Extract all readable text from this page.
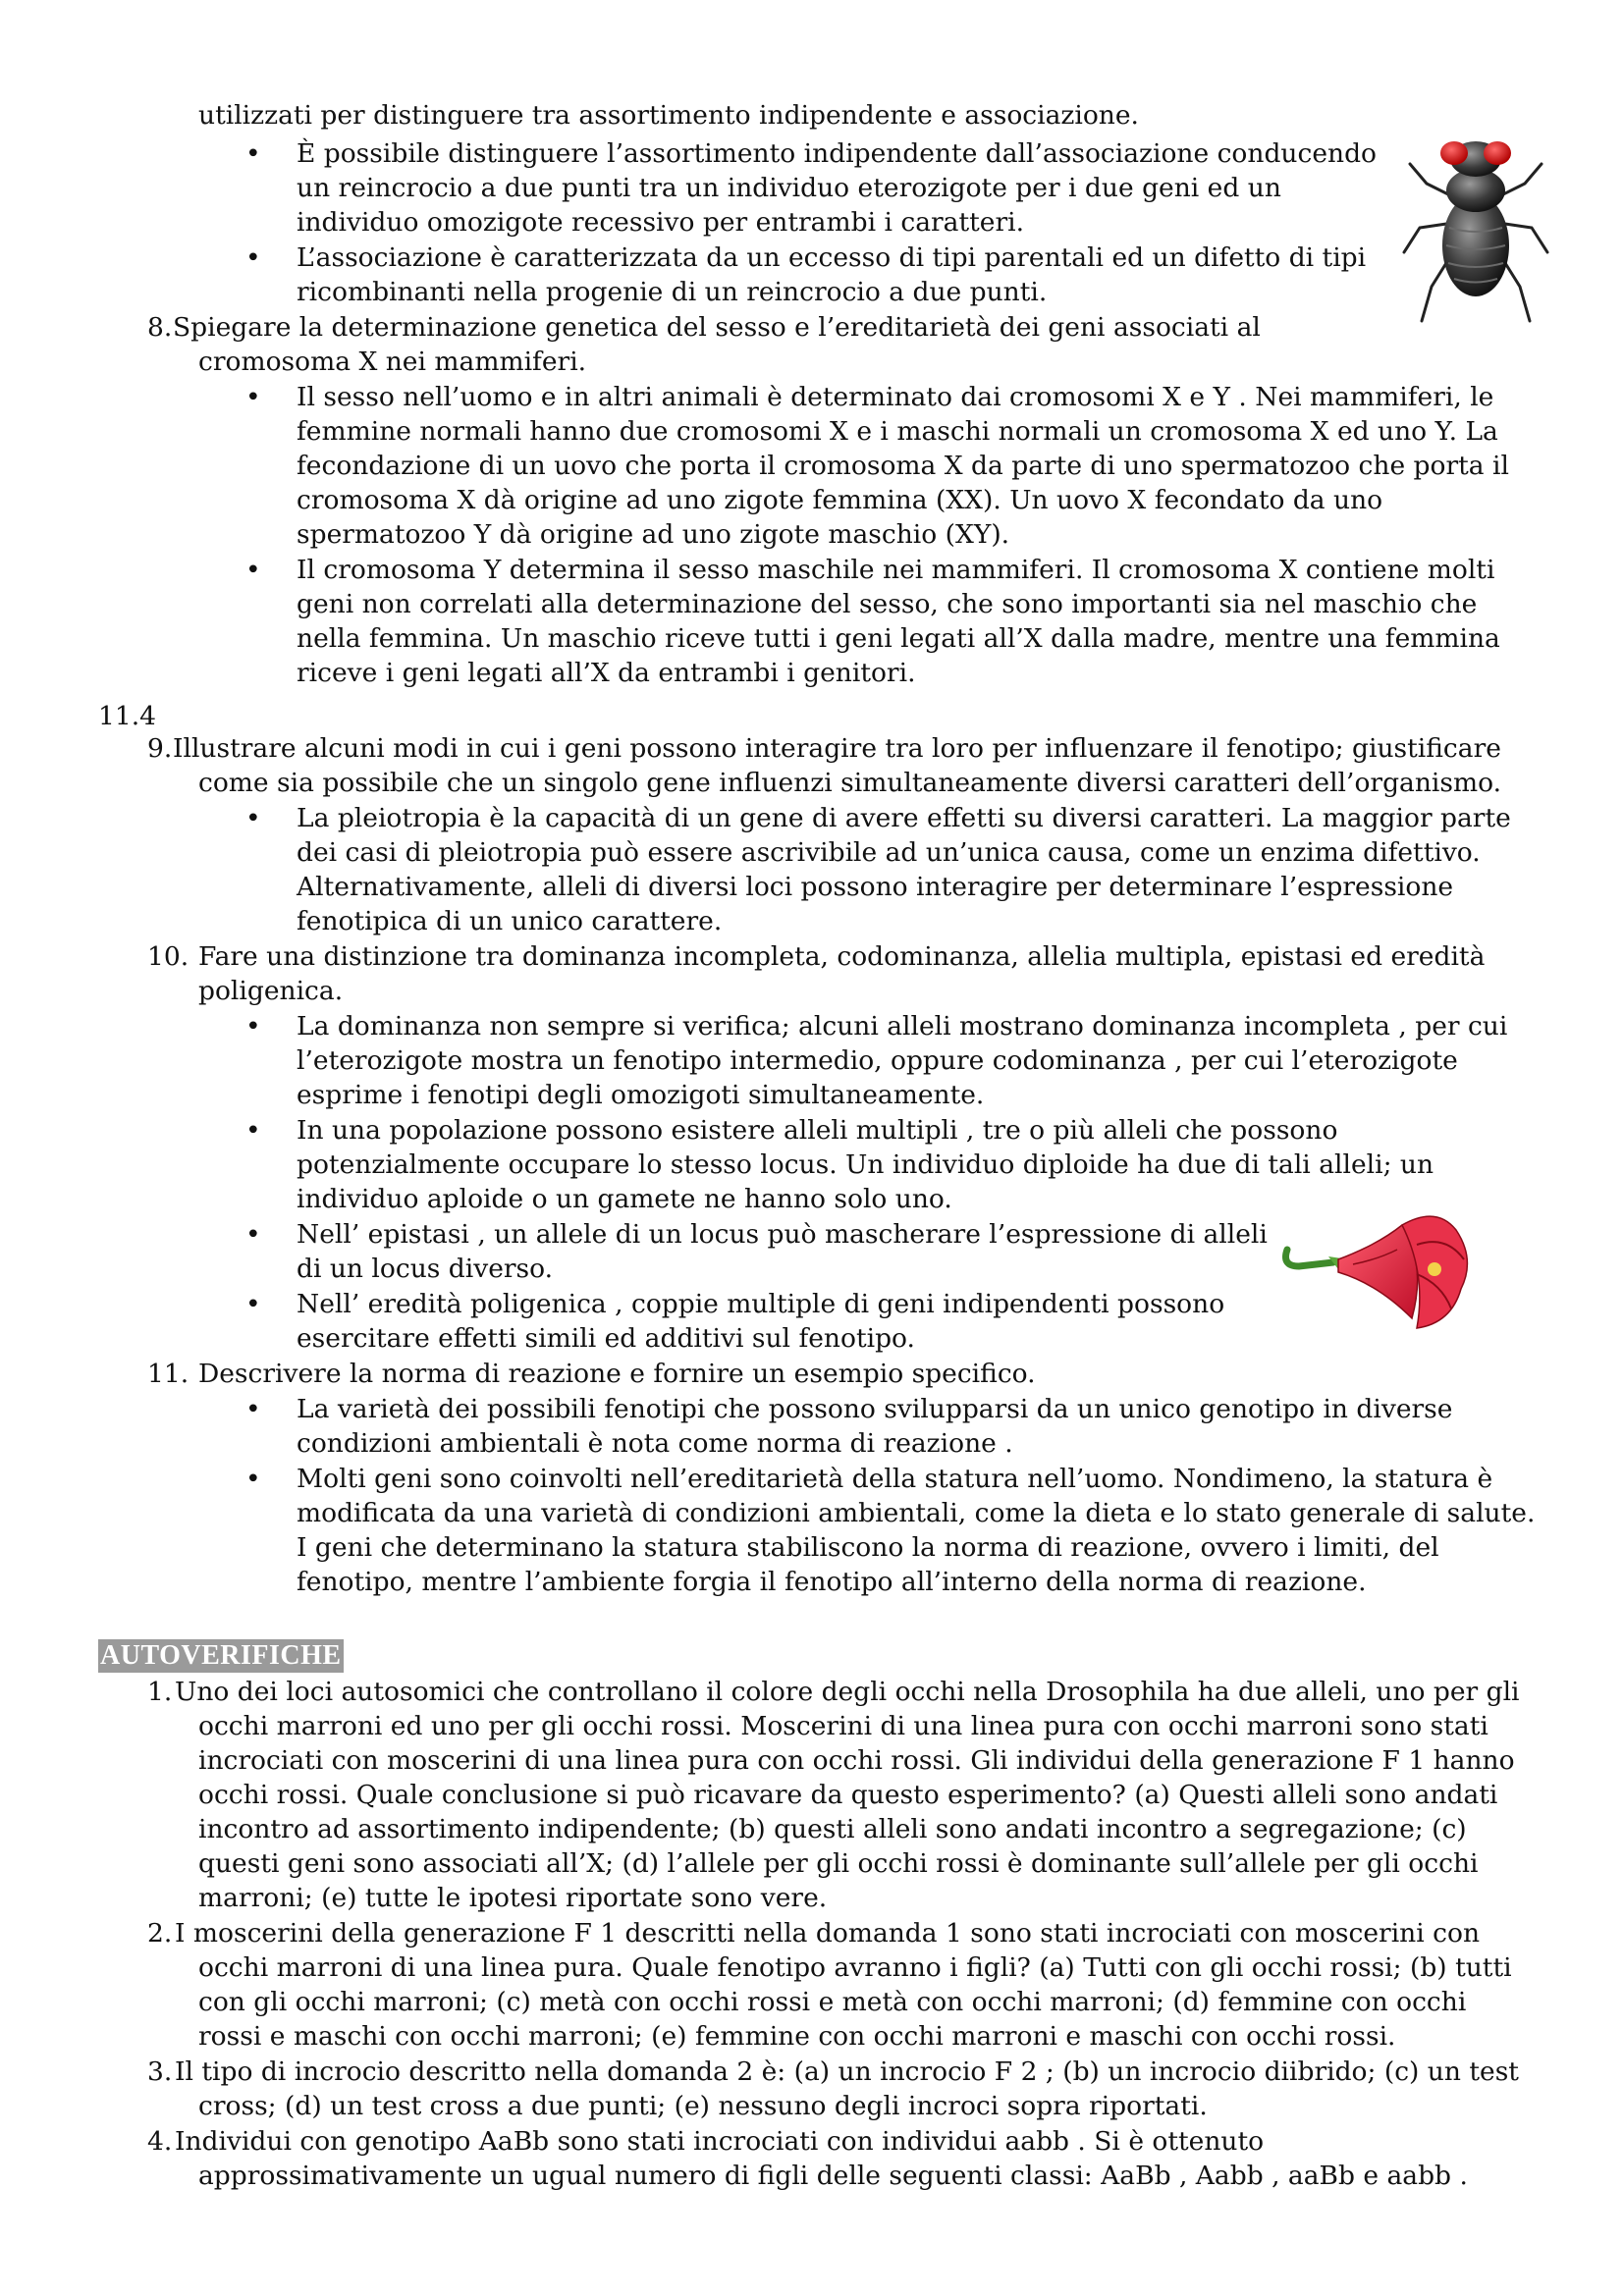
utilizzati per distinguere tra assortimento indipendente e associazione.
• È possibile distinguere l’assortimento indipendente dall’associazione conducendo
un reincrocio a due punti tra un individuo eterozigote per i due geni ed un
individuo omozigote recessivo per entrambi i caratteri.
• L’associazione è caratterizzata da un eccesso di tipi parentali ed un difetto di tipi
ricombinanti nella progenie di un reincrocio a due punti.
8. Spiegare la determinazione genetica del sesso e l’ereditarietà dei geni associati al
cromosoma X nei mammiferi.
• Il sesso nell’uomo e in altri animali è determinato dai cromosomi X e Y . Nei mammiferi, le
femmine normali hanno due cromosomi X e i maschi normali un cromosoma X ed uno Y. La
fecondazione di un uovo che porta il cromosoma X da parte di uno spermatozoo che porta il
cromosoma X dà origine ad uno zigote femmina (XX). Un uovo X fecondato da uno
spermatozoo Y dà origine ad uno zigote maschio (XY).
• Il cromosoma Y determina il sesso maschile nei mammiferi. Il cromosoma X contiene molti
geni non correlati alla determinazione del sesso, che sono importanti sia nel maschio che
nella femmina. Un maschio riceve tutti i geni legati all’X dalla madre, mentre una femmina
riceve i geni legati all’X da entrambi i genitori.
11.4
9. Illustrare alcuni modi in cui i geni possono interagire tra loro per influenzare il fenotipo; giustificare
come sia possibile che un singolo gene influenzi simultaneamente diversi caratteri dell’organismo.
• La pleiotropia è la capacità di un gene di avere effetti su diversi caratteri. La maggior parte
dei casi di pleiotropia può essere ascrivibile ad un’unica causa, come un enzima difettivo.
Alternativamente, alleli di diversi loci possono interagire per determinare l’espressione
fenotipica di un unico carattere.
10. Fare una distinzione tra dominanza incompleta, codominanza, allelia multipla, epistasi ed eredità
poligenica.
• La dominanza non sempre si verifica; alcuni alleli mostrano dominanza incompleta , per cui
l’eterozigote mostra un fenotipo intermedio, oppure codominanza , per cui l’eterozigote
esprime i fenotipi degli omozigoti simultaneamente.
• In una popolazione possono esistere alleli multipli , tre o più alleli che possono
potenzialmente occupare lo stesso locus. Un individuo diploide ha due di tali alleli; un
individuo aploide o un gamete ne hanno solo uno.
• Nell’ epistasi , un allele di un locus può mascherare l’espressione di alleli
di un locus diverso.
• Nell’ eredità poligenica , coppie multiple di geni indipendenti possono
esercitare effetti simili ed additivi sul fenotipo.
11. Descrivere la norma di reazione e fornire un esempio specifico.
• La varietà dei possibili fenotipi che possono svilupparsi da un unico genotipo in diverse
condizioni ambientali è nota come norma di reazione .
• Molti geni sono coinvolti nell’ereditarietà della statura nell’uomo. Nondimeno, la statura è
modificata da una varietà di condizioni ambientali, come la dieta e lo stato generale di salute.
I geni che determinano la statura stabiliscono la norma di reazione, ovvero i limiti, del
fenotipo, mentre l’ambiente forgia il fenotipo all’interno della norma di reazione.
AUTOVERIFICHE
1. Uno dei loci autosomici che controllano il colore degli occhi nella Drosophila ha due alleli, uno per gli
occhi marroni ed uno per gli occhi rossi. Moscerini di una linea pura con occhi marroni sono stati
incrociati con moscerini di una linea pura con occhi rossi. Gli individui della generazione F 1 hanno
occhi rossi. Quale conclusione si può ricavare da questo esperimento? (a) Questi alleli sono andati
incontro ad assortimento indipendente; (b) questi alleli sono andati incontro a segregazione; (c)
questi geni sono associati all’X; (d) l’allele per gli occhi rossi è dominante sull’allele per gli occhi
marroni; (e) tutte le ipotesi riportate sono vere.
2. I moscerini della generazione F 1 descritti nella domanda 1 sono stati incrociati con moscerini con
occhi marroni di una linea pura. Quale fenotipo avranno i figli? (a) Tutti con gli occhi rossi; (b) tutti
con gli occhi marroni; (c) metà con occhi rossi e metà con occhi marroni; (d) femmine con occhi
rossi e maschi con occhi marroni; (e) femmine con occhi marroni e maschi con occhi rossi.
3. Il tipo di incrocio descritto nella domanda 2 è: (a) un incrocio F 2 ; (b) un incrocio diibrido; (c) un test
cross; (d) un test cross a due punti; (e) nessuno degli incroci sopra riportati.
4. Individui con genotipo AaBb sono stati incrociati con individui aabb . Si è ottenuto
approssimativamente un ugual numero di figli delle seguenti classi: AaBb , Aabb , aaBb e aabb .
